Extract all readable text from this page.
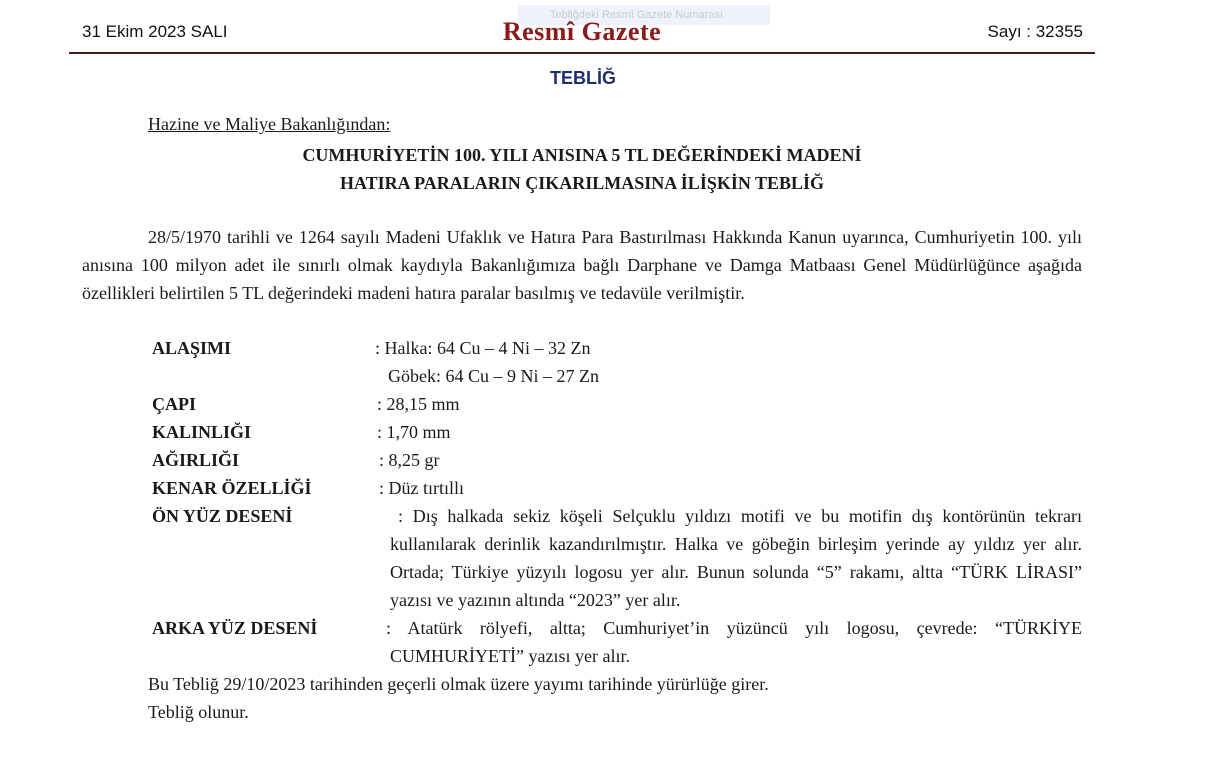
Tebliğdeki Resmî Gazete Numarası
31 Ekim 2023 SALI	Resmî Gazete	Sayı : 32355
TEBLİĞ
Hazine ve Maliye Bakanlığından:
CUMHURİYETİN 100. YILI ANISINA 5 TL DEĞERİNDEKİ MADENİ
HATIRA PARALARIN ÇIKARILMASINA İLİŞKİN TEBLİĞ
28/5/1970 tarihli ve 1264 sayılı Madeni Ufaklık ve Hatıra Para Bastırılması Hakkında Kanun uyarınca, Cumhuriyetin 100. yılı anısına 100 milyon adet ile sınırlı olmak kaydıyla Bakanlığımıza bağlı Darphane ve Damga Matbaası Genel Müdürlüğünce aşağıda özellikleri belirtilen 5 TL değerindeki madeni hatıra paralar basılmış ve tedavüle verilmiştir.
ALAŞIMI	: Halka: 64 Cu – 4 Ni – 32 Zn
Göbek: 64 Cu – 9 Ni – 27 Zn
ÇAPI	: 28,15 mm
KALINLIĞI	: 1,70 mm
AĞIRLIĞI	: 8,25 gr
KENAR ÖZELLİĞİ	: Düz tırtıllı
ÖN YÜZ DESENİ	: Dış halkada sekiz köşeli Selçuklu yıldızı motifi ve bu motifin dış kontörünün tekrarı kullanılarak derinlik kazandırılmıştır. Halka ve göbeğin birleşim yerinde ay yıldız yer alır. Ortada; Türkiye yüzyılı logosu yer alır. Bunun solunda “5” rakamı, altta “TÜRK LİRASI” yazısı ve yazının altında “2023” yer alır.
ARKA YÜZ DESENİ	: Atatürk rölyefi, altta; Cumhuriyet’in yüzüncü yılı logosu, çevrede: “TÜRKİYE CUMHURİYETİ” yazısı yer alır.
Bu Tebliğ 29/10/2023 tarihinden geçerli olmak üzere yayımı tarihinde yürürlüğe girer.
Tebliğ olunur.
